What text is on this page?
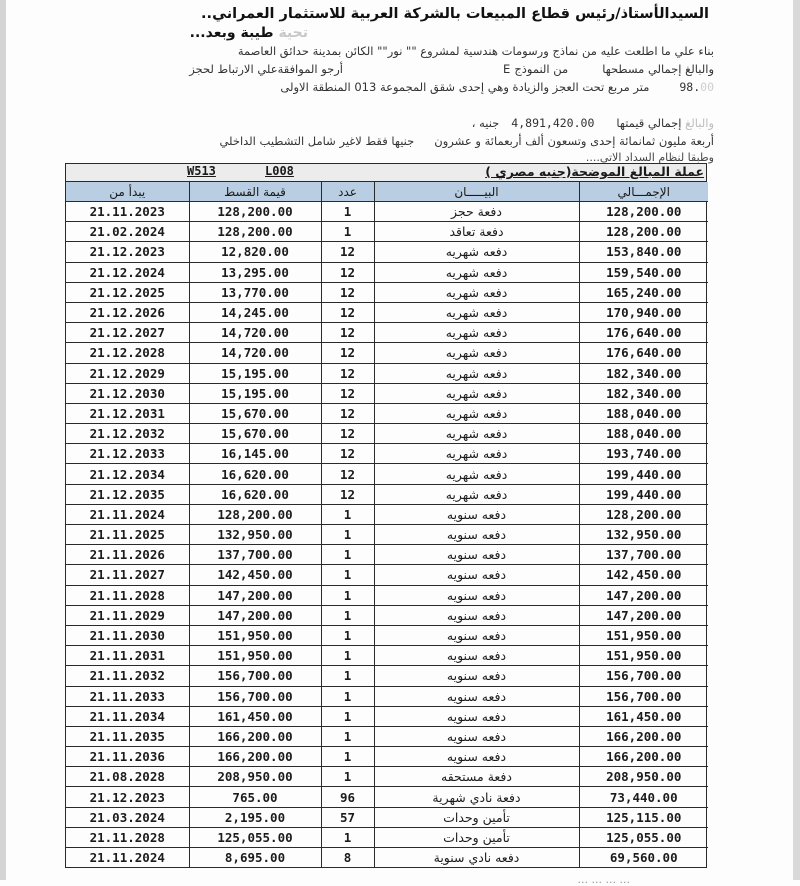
السيدالأستاذ/رئيس قطاع المبيعات بالشركة العربية للاستثمار العمراني..
تحية طيبة وبعد...
بناء علي ما اطلعت عليه من نماذج ورسومات هندسية لمشروع "" نور"" الكائن بمدينة حدائق العاصمة
والبالغ إجمالي مسطحهامن النموذج Eأرجو الموافقةعلي الارتباط لحجز
98.00متر مربع تحت العجز والزيادة وهي إحدى شقق المجموعة 013 المنطقة الاولى
والبالغ إجمالي قيمتها4,891,420.00جنيه ،
أربعة مليون ثمانمائة إحدى وتسعون ألف أربعمائة و عشرونجنيها فقط لاغير شامل التشطيب الداخلي
وطبقا لنظام السداد الاتي....
W513	L008	عملة المبالغ الموضحة(جنيه مصري )
يبدأ من	قيمة القسط	عدد	البيـــــان	الإجمـــالي
21.11.2023	128,200.00	1	دفعة حجز	128,200.00
21.02.2024	128,200.00	1	دفعة تعاقد	128,200.00
21.12.2023	12,820.00	12	دفعه شهريه	153,840.00
21.12.2024	13,295.00	12	دفعه شهريه	159,540.00
21.12.2025	13,770.00	12	دفعه شهريه	165,240.00
21.12.2026	14,245.00	12	دفعه شهريه	170,940.00
21.12.2027	14,720.00	12	دفعه شهريه	176,640.00
21.12.2028	14,720.00	12	دفعه شهريه	176,640.00
21.12.2029	15,195.00	12	دفعه شهريه	182,340.00
21.12.2030	15,195.00	12	دفعه شهريه	182,340.00
21.12.2031	15,670.00	12	دفعه شهريه	188,040.00
21.12.2032	15,670.00	12	دفعه شهريه	188,040.00
21.12.2033	16,145.00	12	دفعه شهريه	193,740.00
21.12.2034	16,620.00	12	دفعه شهريه	199,440.00
21.12.2035	16,620.00	12	دفعه شهريه	199,440.00
21.11.2024	128,200.00	1	دفعه سنويه	128,200.00
21.11.2025	132,950.00	1	دفعه سنويه	132,950.00
21.11.2026	137,700.00	1	دفعه سنويه	137,700.00
21.11.2027	142,450.00	1	دفعه سنويه	142,450.00
21.11.2028	147,200.00	1	دفعه سنويه	147,200.00
21.11.2029	147,200.00	1	دفعه سنويه	147,200.00
21.11.2030	151,950.00	1	دفعه سنويه	151,950.00
21.11.2031	151,950.00	1	دفعه سنويه	151,950.00
21.11.2032	156,700.00	1	دفعه سنويه	156,700.00
21.11.2033	156,700.00	1	دفعه سنويه	156,700.00
21.11.2034	161,450.00	1	دفعه سنويه	161,450.00
21.11.2035	166,200.00	1	دفعه سنويه	166,200.00
21.11.2036	166,200.00	1	دفعه سنويه	166,200.00
21.08.2028	208,950.00	1	دفعة مستحقه	208,950.00
21.12.2023	765.00	96	دفعة نادي شهرية	73,440.00
21.03.2024	2,195.00	57	تأمين وحدات	125,115.00
21.11.2028	125,055.00	1	تأمين وحدات	125,055.00
21.11.2024	8,695.00	8	دفعه نادي سنوية	69,560.00
... ... ... ...
